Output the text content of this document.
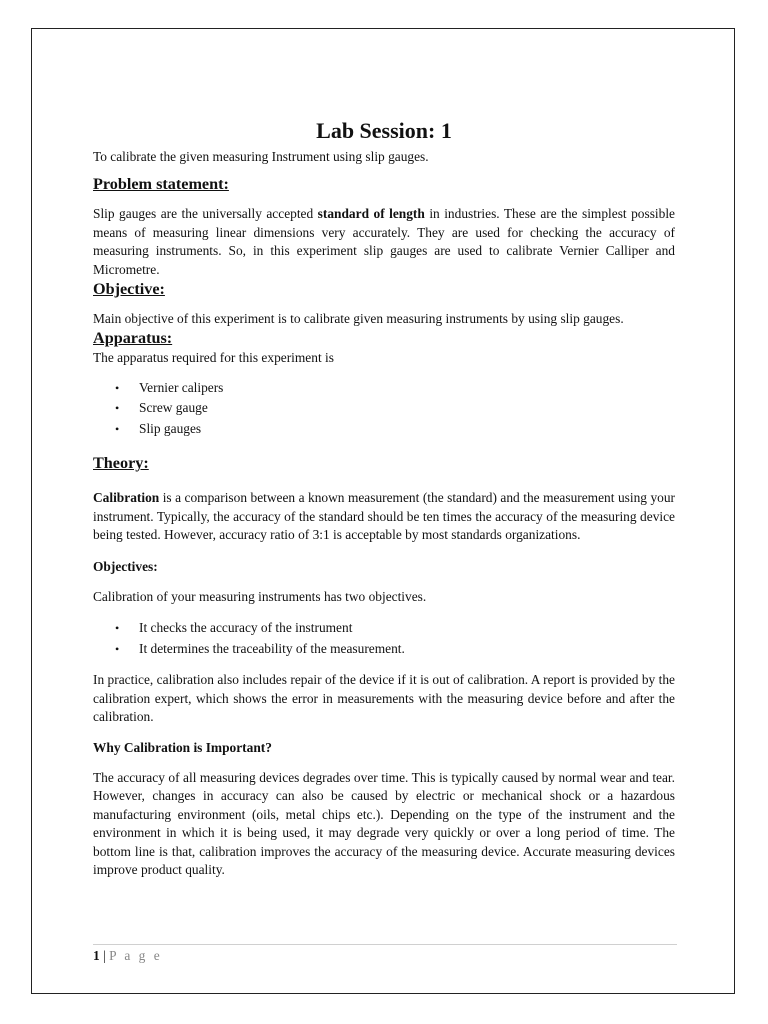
Lab Session: 1

To calibrate the given measuring Instrument using slip gauges.

Problem statement:

Slip gauges are the universally accepted standard of length in industries. These are the simplest possible means of measuring linear dimensions very accurately. They are used for checking the accuracy of measuring instruments. So, in this experiment slip gauges are used to calibrate Vernier Calliper and Micrometre.

Objective:

Main objective of this experiment is to calibrate given measuring instruments by using slip gauges.

Apparatus:

The apparatus required for this experiment is

• Vernier calipers
• Screw gauge
• Slip gauges
Theory:

Calibration is a comparison between a known measurement (the standard) and the measurement using your instrument. Typically, the accuracy of the standard should be ten times the accuracy of the measuring device being tested. However, accuracy ratio of 3:1 is acceptable by most standards organizations.

Objectives:

Calibration of your measuring instruments has two objectives.

• It checks the accuracy of the instrument
• It determines the traceability of the measurement.

In practice, calibration also includes repair of the device if it is out of calibration. A report is provided by the calibration expert, which shows the error in measurements with the measuring device before and after the calibration.

Why Calibration is Important?

The accuracy of all measuring devices degrades over time. This is typically caused by normal wear and tear. However, changes in accuracy can also be caused by electric or mechanical shock or a hazardous manufacturing environment (oils, metal chips etc.). Depending on the type of the instrument and the environment in which it is being used, it may degrade very quickly or over a long period of time. The bottom line is that, calibration improves the accuracy of the measuring device. Accurate measuring devices improve product quality.

1 | P a g e
